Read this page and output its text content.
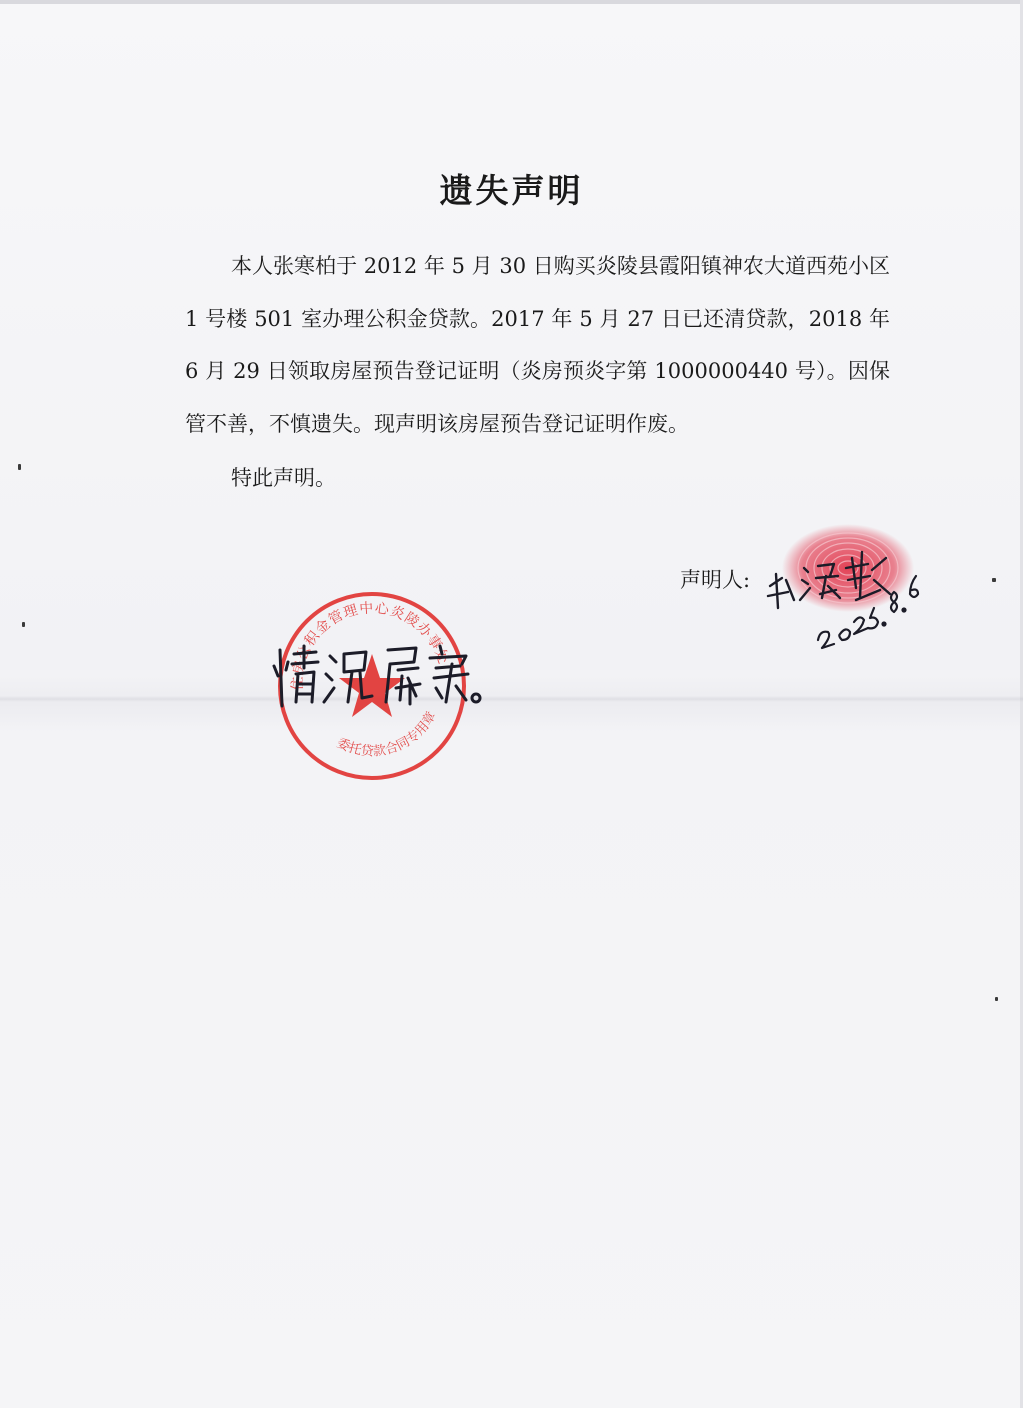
遗失声明

本人张寒柏于 2012 年 5 月 30 日购买炎陵县霞阳镇神农大道西苑小区 1 号楼 501 室办理公积金贷款。2017 年 5 月 27 日已还清贷款，2018 年 6 月 29 日领取房屋预告登记证明（炎房预炎字第 1000000440 号）。因保管不善，不慎遗失。现声明该房屋预告登记证明作废。

特此声明。

声明人:
住房公积金管理中心炎陵办事处
委托贷款合同专用章
